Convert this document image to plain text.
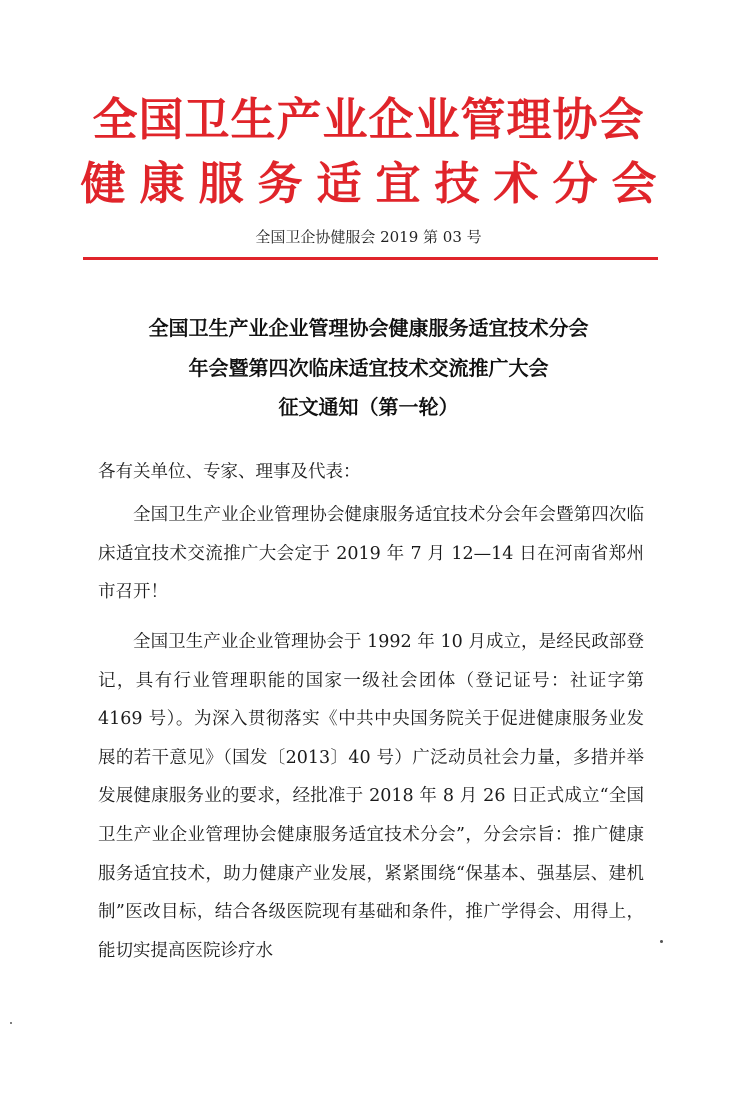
全国卫生产业企业管理协会
健康服务适宜技术分会
全国卫企协健服会 2019 第 03 号
全国卫生产业企业管理协会健康服务适宜技术分会
年会暨第四次临床适宜技术交流推广大会
征文通知（第一轮）
各有关单位、专家、理事及代表：

全国卫生产业企业管理协会健康服务适宜技术分会年会暨第四次临床适宜技术交流推广大会定于 2019 年 7 月 12—14 日在河南省郑州市召开！

全国卫生产业企业管理协会于 1992 年 10 月成立，是经民政部登记，具有行业管理职能的国家一级社会团体（登记证号：社证字第 4169 号）。为深入贯彻落实《中共中央国务院关于促进健康服务业发展的若干意见》（国发〔2013〕40 号）广泛动员社会力量，多措并举发展健康服务业的要求，经批准于 2018 年 8 月 26 日正式成立“全国卫生产业企业管理协会健康服务适宜技术分会”，分会宗旨：推广健康服务适宜技术，助力健康产业发展，紧紧围绕“保基本、强基层、建机制”医改目标，结合各级医院现有基础和条件，推广学得会、用得上，能切实提高医院诊疗水
